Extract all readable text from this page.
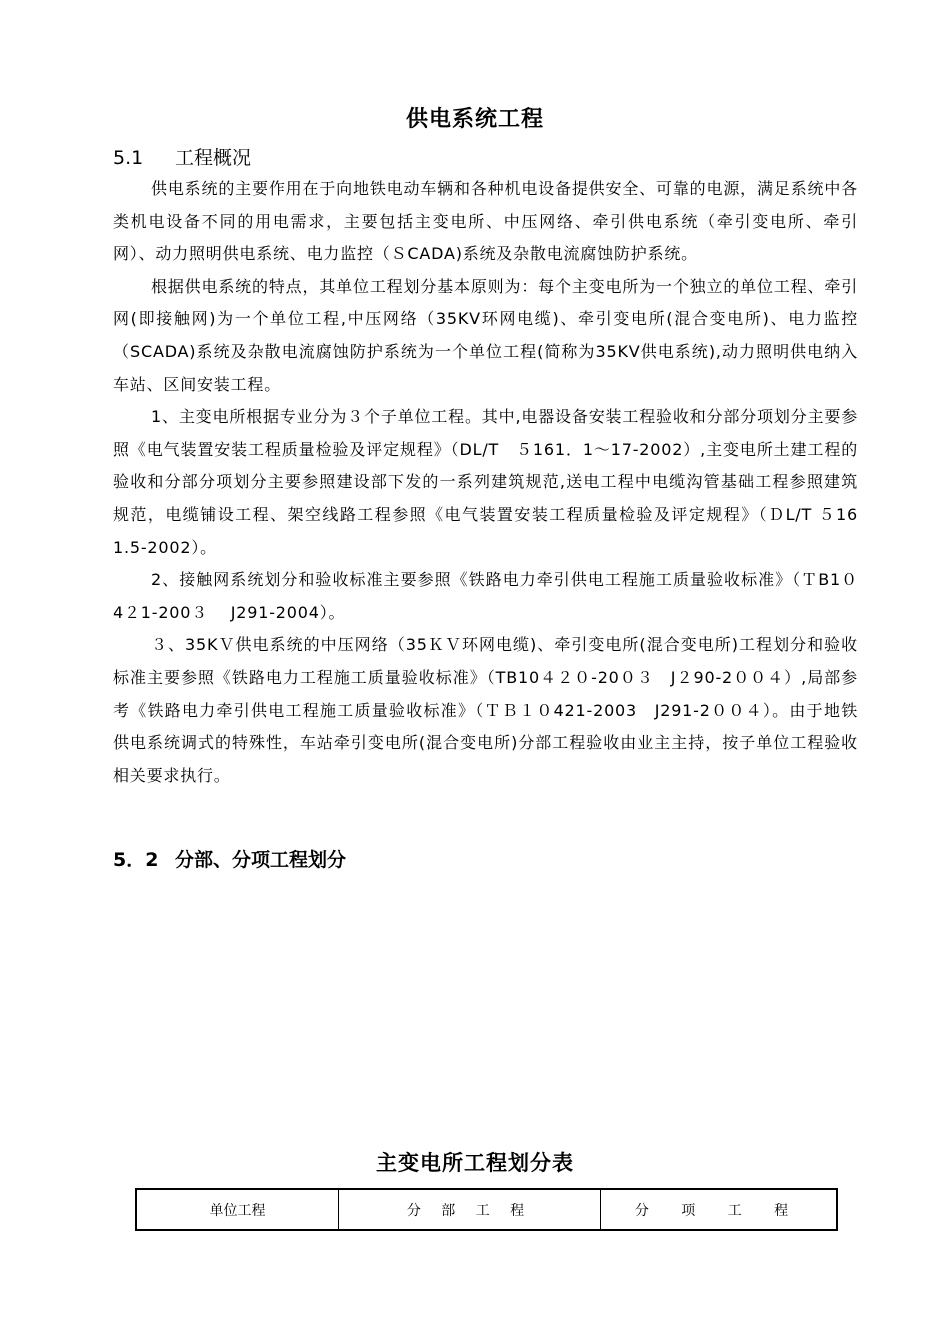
供电系统工程
5.1 工程概况

供电系统的主要作用在于向地铁电动车辆和各种机电设备提供安全、可靠的电源，满足系统中各类机电设备不同的用电需求，主要包括主变电所、中压网络、牵引供电系统（牵引变电所、牵引网）、动力照明供电系统、电力监控（ＳCADA)系统及杂散电流腐蚀防护系统。

根据供电系统的特点，其单位工程划分基本原则为：每个主变电所为一个独立的单位工程、牵引网(即接触网)为一个单位工程,中压网络（35KV环网电缆)、牵引变电所(混合变电所)、电力监控（SCADA)系统及杂散电流腐蚀防护系统为一个单位工程(简称为35KV供电系统),动力照明供电纳入车站、区间安装工程。

1、主变电所根据专业分为３个子单位工程。其中,电器设备安装工程验收和分部分项划分主要参照《电气装置安装工程质量检验及评定规程》（DL/T　５161．1～17-2002）,主变电所土建工程的验收和分部分项划分主要参照建设部下发的一系列建筑规范,送电工程中电缆沟管基础工程参照建筑规范，电缆铺设工程、架空线路工程参照《电气装置安装工程质量检验及评定规程》（ＤL/T ５16 1.5-2002）。

2、接触网系统划分和验收标准主要参照《铁路电力牵引供电工程施工质量验收标准》（ＴB1０4２1-200３　 J291-2004）。

３、35KＶ供电系统的中压网络（35ＫＶ环网电缆)、牵引变电所(混合变电所)工程划分和验收标准主要参照《铁路电力工程施工质量验收标准》（TB10４２０-20０３　J２90-2００４）,局部参考《铁路电力牵引供电工程施工质量验收标准》（ＴＢ１０421-2003　J291-2００４）。由于地铁供电系统调式的特殊性，车站牵引变电所(混合变电所)分部工程验收由业主主持，按子单位工程验收相关要求执行。

5．2 分部、分项工程划分
主变电所工程划分表
单位工程	分 部 工 程	分 项 工 程
